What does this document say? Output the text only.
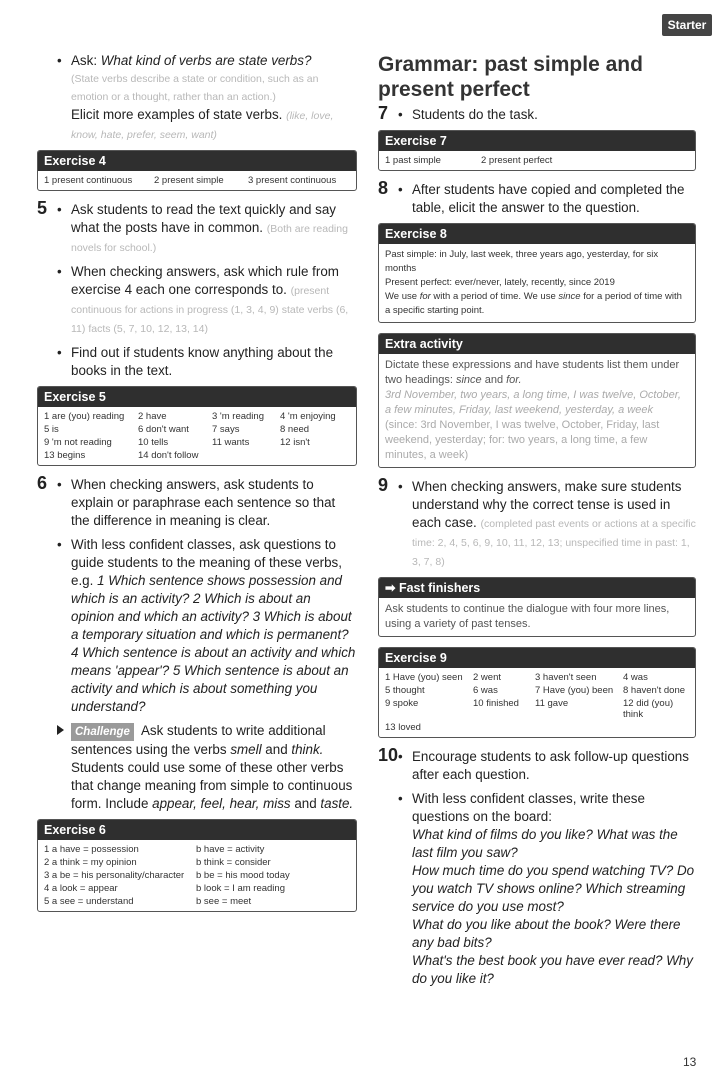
Starter
• Ask: What kind of verbs are state verbs?
(State verbs describe a state or condition, such as an emotion or a thought, rather than an action.)
Elicit more examples of state verbs. (like, love, know, hate, prefer, seem, want)
Exercise 4
1 present continuous	2 present simple	3 present continuous
5 • Ask students to read the text quickly and say what the posts have in common. (Both are reading novels for school.)
• When checking answers, ask which rule from exercise 4 each one corresponds to. (present continuous for actions in progress (1, 3, 4, 9) state verbs (6, 11) facts (5, 7, 10, 12, 13, 14)
• Find out if students know anything about the books in the text.
Exercise 5
1 are (you) reading	2 have	3 'm reading	4 'm enjoying
5 is	6 don't want	7 says	8 need
9 'm not reading	10 tells	11 wants	12 isn't
13 begins	14 don't follow
6 • When checking answers, ask students to explain or paraphrase each sentence so that the difference in meaning is clear.
• With less confident classes, ask questions to guide students to the meaning of these verbs, e.g. 1 Which sentence shows possession and which is an activity? 2 Which is about an opinion and which an activity? 3 Which is about a temporary situation and which is permanent? 4 Which sentence is about an activity and which means 'appear'? 5 Which sentence is about an activity and which is about something you understand?
Challenge Ask students to write additional sentences using the verbs smell and think. Students could use some of these other verbs that change meaning from simple to continuous form. Include appear, feel, hear, miss and taste.
Exercise 6
1 a have = possession	b have = activity
2 a think = my opinion	b think = consider
3 a be = his personality/character	b be = his mood today
4 a look = appear	b look = I am reading
5 a see = understand	b see = meet
Grammar: past simple and present perfect
7 • Students do the task.
Exercise 7
1 past simple	2 present perfect
8 • After students have copied and completed the table, elicit the answer to the question.
Exercise 8
Past simple: in July, last week, three years ago, yesterday, for six months
Present perfect: ever/never, lately, recently, since 2019
We use for with a period of time. We use since for a period of time with a specific starting point.
Extra activity
Dictate these expressions and have students list them under two headings: since and for.
3rd November, two years, a long time, I was twelve, October, a few minutes, Friday, last weekend, yesterday, a week
(since: 3rd November, I was twelve, October, Friday, last weekend, yesterday; for: two years, a long time, a few minutes, a week)
9 • When checking answers, make sure students understand why the correct tense is used in each case. (completed past events or actions at a specific time: 2, 4, 5, 6, 9, 10, 11, 12, 13; unspecified time in past: 1, 3, 7, 8)
➡ Fast finishers
Ask students to continue the dialogue with four more lines, using a variety of past tenses.
Exercise 9
1 Have (you) seen	2 went	3 haven't seen	4 was
5 thought	6 was	7 Have (you) been	8 haven't done
9 spoke	10 finished	11 gave	12 did (you) think
13 loved
10 • Encourage students to ask follow-up questions after each question.
• With less confident classes, write these questions on the board:
What kind of films do you like? What was the last film you saw?
How much time do you spend watching TV? Do you watch TV shows online? Which streaming service do you use most?
What do you like about the book? Were there any bad bits?
What's the best book you have ever read? Why do you like it?
13
